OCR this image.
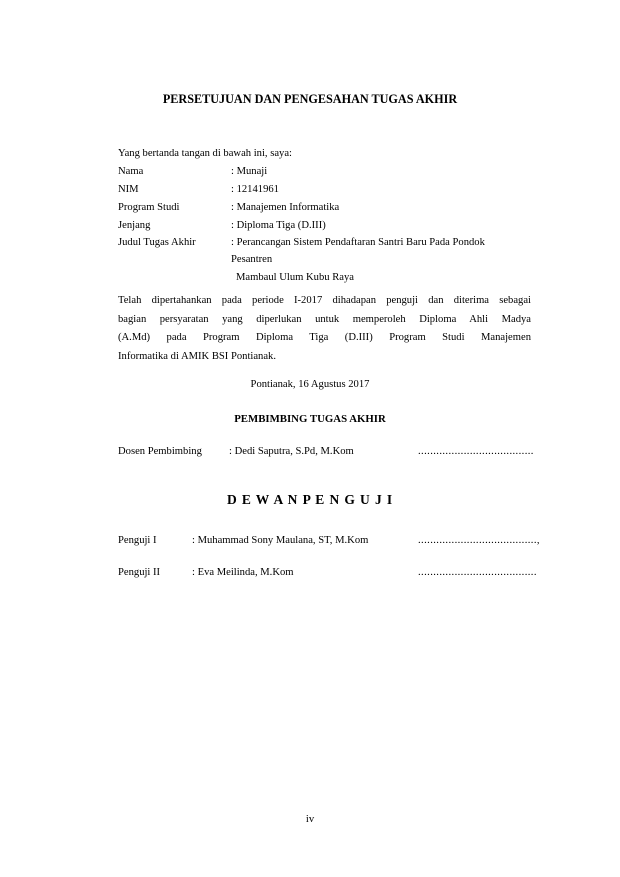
PERSETUJUAN DAN PENGESAHAN TUGAS AKHIR
Yang bertanda tangan di bawah ini, saya:
Nama	: Munaji
NIM	: 12141961
Program Studi	: Manajemen Informatika
Jenjang	: Diploma Tiga (D.III)
Judul Tugas Akhir	: Perancangan Sistem Pendaftaran Santri Baru Pada Pondok
Pesantren
Mambaul Ulum Kubu Raya
Telah dipertahankan pada periode I-2017 dihadapan penguji dan diterima sebagai
bagian persyaratan yang diperlukan untuk memperoleh Diploma Ahli Madya
(A.Md) pada Program Diploma Tiga (D.III) Program Studi Manajemen
Informatika di AMIK BSI Pontianak.
Pontianak, 16 Agustus 2017
PEMBIMBING TUGAS AKHIR
Dosen Pembimbing	: Dedi Saputra, S.Pd, M.Kom	......................................
D E W A N P E N G U J I
Penguji I	: Muhammad Sony Maulana, ST, M.Kom	.......................................,
Penguji II	: Eva Meilinda, M.Kom	.......................................
iv
